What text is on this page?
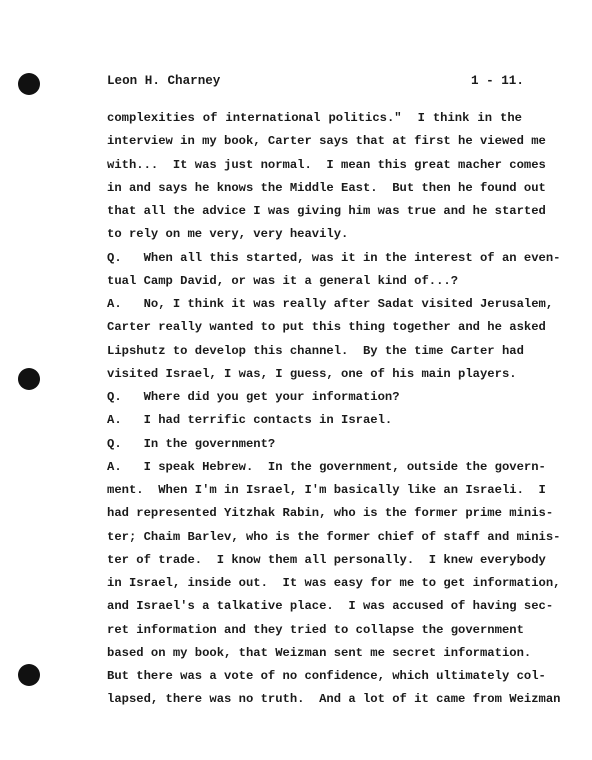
Leon H. Charney	1 - 11.
complexities of international politics."  I think in the
interview in my book, Carter says that at first he viewed me
with...  It was just normal.  I mean this great macher comes
in and says he knows the Middle East.  But then he found out
that all the advice I was giving him was true and he started
to rely on me very, very heavily.
Q.   When all this started, was it in the interest of an even-
tual Camp David, or was it a general kind of...?
A.   No, I think it was really after Sadat visited Jerusalem,
Carter really wanted to put this thing together and he asked
Lipshutz to develop this channel.  By the time Carter had
visited Israel, I was, I guess, one of his main players.
Q.   Where did you get your information?
A.   I had terrific contacts in Israel.
Q.   In the government?
A.   I speak Hebrew.  In the government, outside the govern-
ment.  When I'm in Israel, I'm basically like an Israeli.  I
had represented Yitzhak Rabin, who is the former prime minis-
ter; Chaim Barlev, who is the former chief of staff and minis-
ter of trade.  I know them all personally.  I knew everybody
in Israel, inside out.  It was easy for me to get information,
and Israel's a talkative place.  I was accused of having sec-
ret information and they tried to collapse the government
based on my book, that Weizman sent me secret information.
But there was a vote of no confidence, which ultimately col-
lapsed, there was no truth.  And a lot of it came from Weizman
